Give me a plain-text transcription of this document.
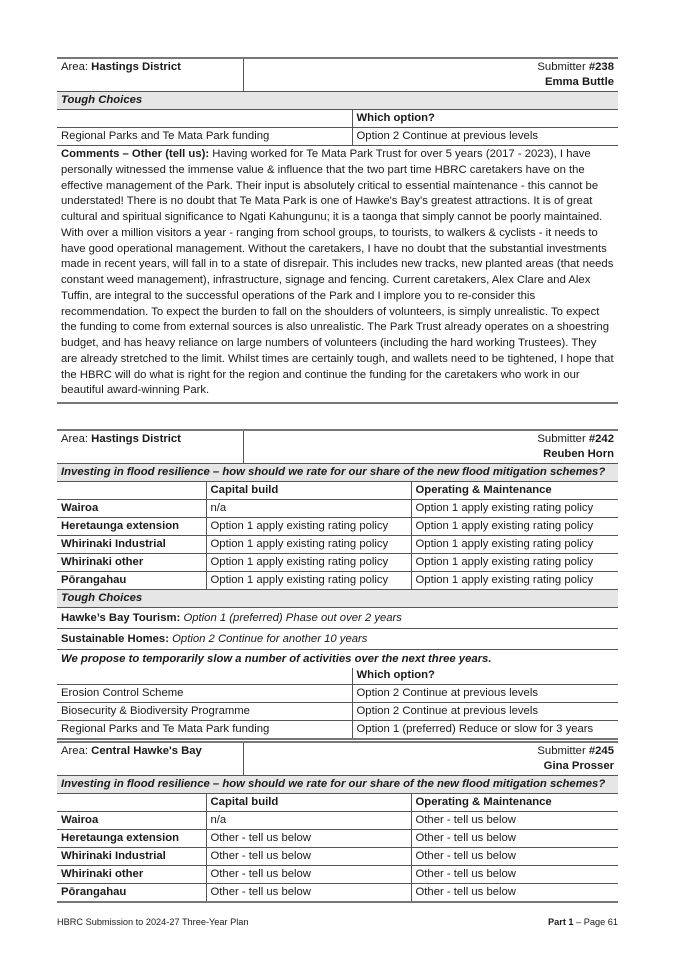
Area: Hastings District	Submitter #238
Emma Buttle
Tough Choices	
	Which option?
Regional Parks and Te Mata Park funding	Option 2 Continue at previous levels
Comments – Other (tell us): Having worked for Te Mata Park Trust for over 5 years (2017 - 2023), I have personally witnessed the immense value & influence that the two part time HBRC caretakers have on the effective management of the Park. Their input is absolutely critical to essential maintenance - this cannot be understated! There is no doubt that Te Mata Park is one of Hawke's Bay's greatest attractions. It is of great cultural and spiritual significance to Ngati Kahungunu; it is a taonga that simply cannot be poorly maintained. With over a million visitors a year - ranging from school groups, to tourists, to walkers & cyclists - it needs to have good operational management. Without the caretakers, I have no doubt that the substantial investments made in recent years, will fall in to a state of disrepair. This includes new tracks, new planted areas (that needs constant weed management), infrastructure, signage and fencing. Current caretakers, Alex Clare and Alex Tuffin, are integral to the successful operations of the Park and I implore you to re-consider this recommendation. To expect the burden to fall on the shoulders of volunteers, is simply unrealistic. To expect the funding to come from external sources is also unrealistic. The Park Trust already operates on a shoestring budget, and has heavy reliance on large numbers of volunteers (including the hard working Trustees). They are already stretched to the limit. Whilst times are certainly tough, and wallets need to be tightened, I hope that the HBRC will do what is right for the region and continue the funding for the caretakers who work in our beautiful award-winning Park.	
Area: Hastings District	Submitter #242
Reuben Horn
Investing in flood resilience – how should we rate for our share of the new flood mitigation schemes?		
	Capital build	Operating & Maintenance
Wairoa	n/a	Option 1 apply existing rating policy
Heretaunga extension	Option 1 apply existing rating policy	Option 1 apply existing rating policy
Whirinaki Industrial	Option 1 apply existing rating policy	Option 1 apply existing rating policy
Whirinaki other	Option 1 apply existing rating policy	Option 1 apply existing rating policy
Pōrangahau	Option 1 apply existing rating policy	Option 1 apply existing rating policy
Tough Choices		
Hawke’s Bay Tourism: Option 1 (preferred) Phase out over 2 years		
Sustainable Homes: Option 2 Continue for another 10 years		
We propose to temporarily slow a number of activities over the next three years.	
	Which option?
Erosion Control Scheme	Option 2 Continue at previous levels
Biosecurity & Biodiversity Programme	Option 2 Continue at previous levels
Regional Parks and Te Mata Park funding	Option 1 (preferred) Reduce or slow for 3 years
Area: Central Hawke's Bay	Submitter #245
Gina Prosser
Investing in flood resilience – how should we rate for our share of the new flood mitigation schemes?		
	Capital build	Operating & Maintenance
Wairoa	n/a	Other - tell us below
Heretaunga extension	Other - tell us below	Other - tell us below
Whirinaki Industrial	Other - tell us below	Other - tell us below
Whirinaki other	Other - tell us below	Other - tell us below
Pōrangahau	Other - tell us below	Other - tell us below
HBRC Submission to 2024-27 Three-Year Plan	Part 1 – Page 61
